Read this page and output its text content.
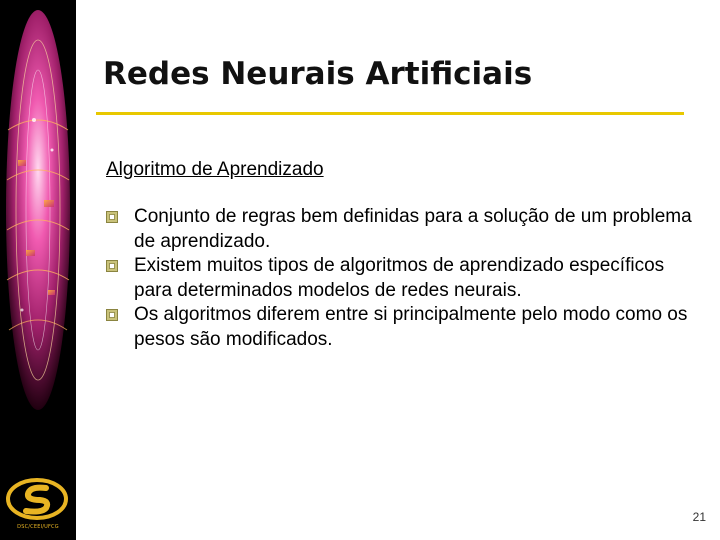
DSC/CEEI/UFCG
Redes Neurais Artificiais
Algoritmo de Aprendizado
Conjunto de regras bem definidas para a solução de um problema de aprendizado.
Existem muitos tipos de algoritmos de aprendizado específicos para determinados modelos de redes neurais.
Os algoritmos diferem entre si principalmente pelo modo como os pesos são modificados.
21
